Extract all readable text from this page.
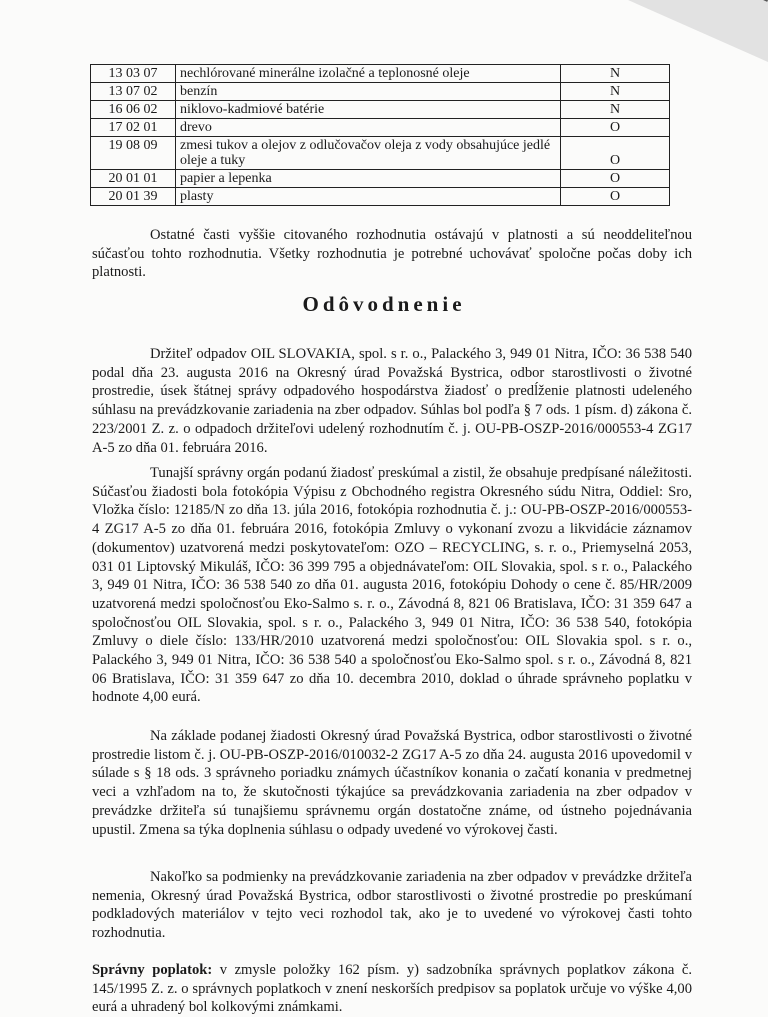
13 03 07	nechlórované minerálne izolačné a teplonosné oleje	N
13 07 02	benzín	N
16 06 02	niklovo-kadmiové batérie	N
17 02 01	drevo	O
19 08 09	zmesi tukov a olejov z odlučovačov oleja z vody obsahujúce jedlé oleje a tuky	O
20 01 01	papier a lepenka	O
20 01 39	plasty	O
Ostatné časti vyššie citovaného rozhodnutia ostávajú v platnosti a sú neoddeliteľnou súčasťou tohto rozhodnutia. Všetky rozhodnutia je potrebné uchovávať spoločne počas doby ich platnosti.
Odôvodnenie
Držiteľ odpadov OIL SLOVAKIA, spol. s r. o., Palackého 3, 949 01 Nitra, IČO: 36 538 540 podal dňa 23. augusta 2016 na Okresný úrad Považská Bystrica, odbor starostlivosti o životné prostredie, úsek štátnej správy odpadového hospodárstva žiadosť o predĺženie platnosti udeleného súhlasu na prevádzkovanie zariadenia na zber odpadov. Súhlas bol podľa § 7 ods. 1 písm. d) zákona č. 223/2001 Z. z. o odpadoch držiteľovi udelený rozhodnutím č. j. OU-PB-OSZP-2016/000553-4 ZG17 A-5 zo dňa 01. februára 2016.
Tunajší správny orgán podanú žiadosť preskúmal a zistil, že obsahuje predpísané náležitosti. Súčasťou žiadosti bola fotokópia Výpisu z Obchodného registra Okresného súdu Nitra, Oddiel: Sro, Vložka číslo: 12185/N zo dňa 13. júla 2016, fotokópia rozhodnutia č. j.: OU-PB-OSZP-2016/000553-4 ZG17 A-5 zo dňa 01. februára 2016, fotokópia Zmluvy o vykonaní zvozu a likvidácie záznamov (dokumentov) uzatvorená medzi poskytovateľom: OZO – RECYCLING, s. r. o., Priemyselná 2053, 031 01 Liptovský Mikuláš, IČO: 36 399 795 a objednávateľom: OIL Slovakia, spol. s r. o., Palackého 3, 949 01 Nitra, IČO: 36 538 540 zo dňa 01. augusta 2016, fotokópiu Dohody o cene č. 85/HR/2009 uzatvorená medzi spoločnosťou Eko-Salmo s. r. o., Závodná 8, 821 06 Bratislava, IČO: 31 359 647 a spoločnosťou OIL Slovakia, spol. s r. o., Palackého 3, 949 01 Nitra, IČO: 36 538 540, fotokópia Zmluvy o diele číslo: 133/HR/2010 uzatvorená medzi spoločnosťou: OIL Slovakia spol. s r. o., Palackého 3, 949 01 Nitra, IČO: 36 538 540 a spoločnosťou Eko-Salmo spol. s r. o., Závodná 8, 821 06 Bratislava, IČO: 31 359 647 zo dňa 10. decembra 2010, doklad o úhrade správneho poplatku v hodnote 4,00 eurá.
Na základe podanej žiadosti Okresný úrad Považská Bystrica, odbor starostlivosti o životné prostredie listom č. j. OU-PB-OSZP-2016/010032-2 ZG17 A-5 zo dňa 24. augusta 2016 upovedomil v súlade s § 18 ods. 3 správneho poriadku známych účastníkov konania o začatí konania v predmetnej veci a vzhľadom na to, že skutočnosti týkajúce sa prevádzkovania zariadenia na zber odpadov v prevádzke držiteľa sú tunajšiemu správnemu orgán dostatočne známe, od ústneho pojednávania upustil. Zmena sa týka doplnenia súhlasu o odpady uvedené vo výrokovej časti.
Nakoľko sa podmienky na prevádzkovanie zariadenia na zber odpadov v prevádzke držiteľa nemenia, Okresný úrad Považská Bystrica, odbor starostlivosti o životné prostredie po preskúmaní podkladových materiálov v tejto veci rozhodol tak, ako je to uvedené vo výrokovej časti tohto rozhodnutia.
Správny poplatok: v zmysle položky 162 písm. y) sadzobníka správnych poplatkov zákona č. 145/1995 Z. z. o správnych poplatkoch v znení neskorších predpisov sa poplatok určuje vo výške 4,00 eurá a uhradený bol kolkovými známkami.
